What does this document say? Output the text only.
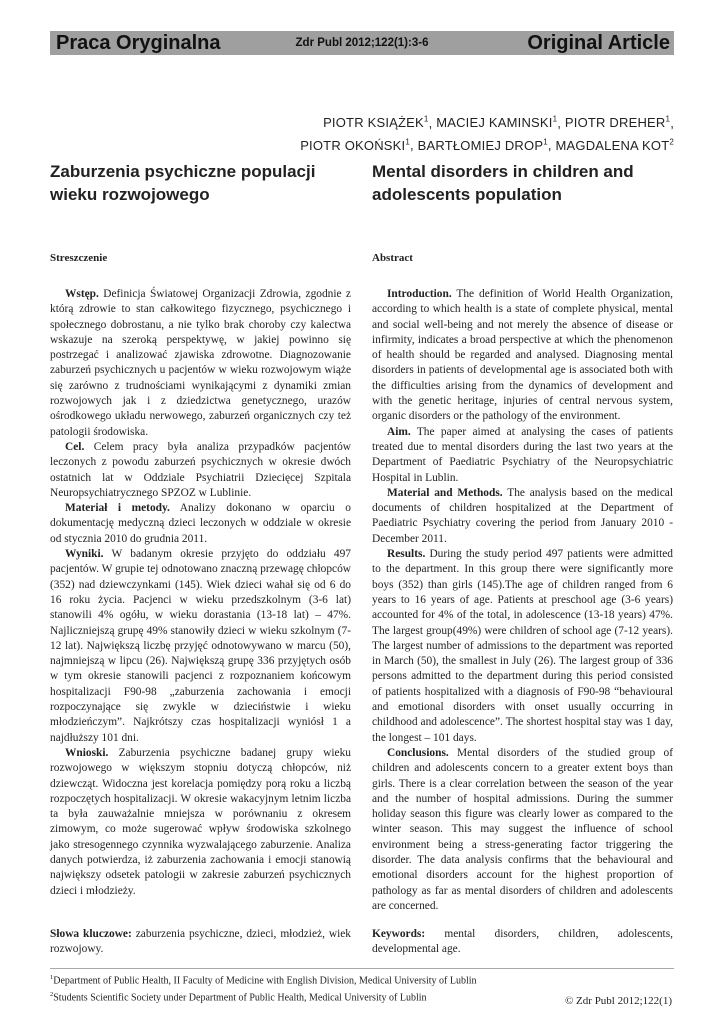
Praca Oryginalna	Zdr Publ 2012;122(1):3-6	Original Article
PIOTR KSIĄŻEK$^1$, MACIEJ KAMINSKI$^1$, PIOTR DREHER$^1$,
PIOTR OKOŃSKI$^1$, BARTŁOMIEJ DROP$^1$, MAGDALENA KOT$^2$
Zaburzenia psychiczne populacji wieku rozwojowego
Mental disorders in children and adolescents population
Streszczenie	Abstract

Wstęp. Definicja Światowej Organizacji Zdrowia, zgodnie z którą zdrowie to stan całkowitego fizycznego, psychicznego i społecznego dobrostanu, a nie tylko brak choroby czy kalectwa wskazuje na szeroką perspektywę, w jakiej powinno się postrzegać i analizować zjawiska zdrowotne. Diagnozowanie zaburzeń psychicznych u pacjentów w wieku rozwojowym wiąże się zarówno z trudnościami wynikającymi z dynamiki zmian rozwojowych jak i z dziedzictwa genetycznego, urazów ośrodkowego układu nerwowego, zaburzeń organicznych czy też patologii środowiska.

Cel. Celem pracy była analiza przypadków pacjentów leczonych z powodu zaburzeń psychicznych w okresie dwóch ostatnich lat w Oddziale Psychiatrii Dziecięcej Szpitala Neuropsychiatrycznego SPZOZ w Lublinie.

Materiał i metody. Analizy dokonano w oparciu o dokumentację medyczną dzieci leczonych w oddziale w okresie od stycznia 2010 do grudnia 2011.

Wyniki. W badanym okresie przyjęto do oddziału 497 pacjentów. W grupie tej odnotowano znaczną przewagę chłopców (352) nad dziewczynkami (145). Wiek dzieci wahał się od 6 do 16 roku życia. Pacjenci w wieku przedszkolnym (3-6 lat) stanowili 4% ogółu, w wieku dorastania (13-18 lat) – 47%. Najliczniejszą grupę 49% stanowiły dzieci w wieku szkolnym (7-12 lat). Największą liczbę przyjęć odnotowywano w marcu (50), najmniejszą w lipcu (26). Największą grupę 336 przyjętych osób w tym okresie stanowili pacjenci z rozpoznaniem końcowym hospitalizacji F90-98 „zaburzenia zachowania i emocji rozpoczynające się zwykle w dzieciństwie i wieku młodzieńczym”. Najkrótszy czas hospitalizacji wyniósł 1 a najdłuższy 101 dni.

Wnioski. Zaburzenia psychiczne badanej grupy wieku rozwojowego w większym stopniu dotyczą chłopców, niż dziewcząt. Widoczna jest korelacja pomiędzy porą roku a liczbą rozpoczętych hospitalizacji. W okresie wakacyjnym letnim liczba ta była zauważalnie mniejsza w porównaniu z okresem zimowym, co może sugerować wpływ środowiska szkolnego jako stresogennego czynnika wyzwalającego zaburzenie. Analiza danych potwierdza, iż zaburzenia zachowania i emocji stanowią największy odsetek patologii w zakresie zaburzeń psychicznych dzieci i młodzieży.

Introduction. The definition of World Health Organization, according to which health is a state of complete physical, mental and social well-being and not merely the absence of disease or infirmity, indicates a broad perspective at which the phenomenon of health should be regarded and analysed. Diagnosing mental disorders in patients of developmental age is associated both with the difficulties arising from the dynamics of development and with the genetic heritage, injuries of central nervous system, organic disorders or the pathology of the environment.

Aim. The paper aimed at analysing the cases of patients treated due to mental disorders during the last two years at the Department of Paediatric Psychiatry of the Neuropsychiatric Hospital in Lublin.

Material and Methods. The analysis based on the medical documents of children hospitalized at the Department of Paediatric Psychiatry covering the period from January 2010 - December 2011.

Results. During the study period 497 patients were admitted to the department. In this group there were significantly more boys (352) than girls (145).The age of children ranged from 6 years to 16 years of age. Patients at preschool age (3-6 years) accounted for 4% of the total, in adolescence (13-18 years) 47%. The largest group(49%) were children of school age (7-12 years). The largest number of admissions to the department was reported in March (50), the smallest in July (26). The largest group of 336 persons admitted to the department during this period consisted of patients hospitalized with a diagnosis of F90-98 “behavioural and emotional disorders with onset usually occurring in childhood and adolescence”. The shortest hospital stay was 1 day, the longest – 101 days.

Conclusions. Mental disorders of the studied group of children and adolescents concern to a greater extent boys than girls. There is a clear correlation between the season of the year and the number of hospital admissions. During the summer holiday season this figure was clearly lower as compared to the winter season. This may suggest the influence of school environment being a stress-generating factor triggering the disorder. The data analysis confirms that the behavioural and emotional disorders account for the highest proportion of pathology as far as mental disorders of children and adolescents are concerned.

Słowa kluczowe: zaburzenia psychiczne, dzieci, młodzież, wiek rozwojowy.
Keywords: mental disorders, children, adolescents, developmental age.
$^1$Department of Public Health, II Faculty of Medicine with English Division, Medical University of Lublin
$^2$Students Scientific Society under Department of Public Health, Medical University of Lublin	© Zdr Publ 2012;122(1)
